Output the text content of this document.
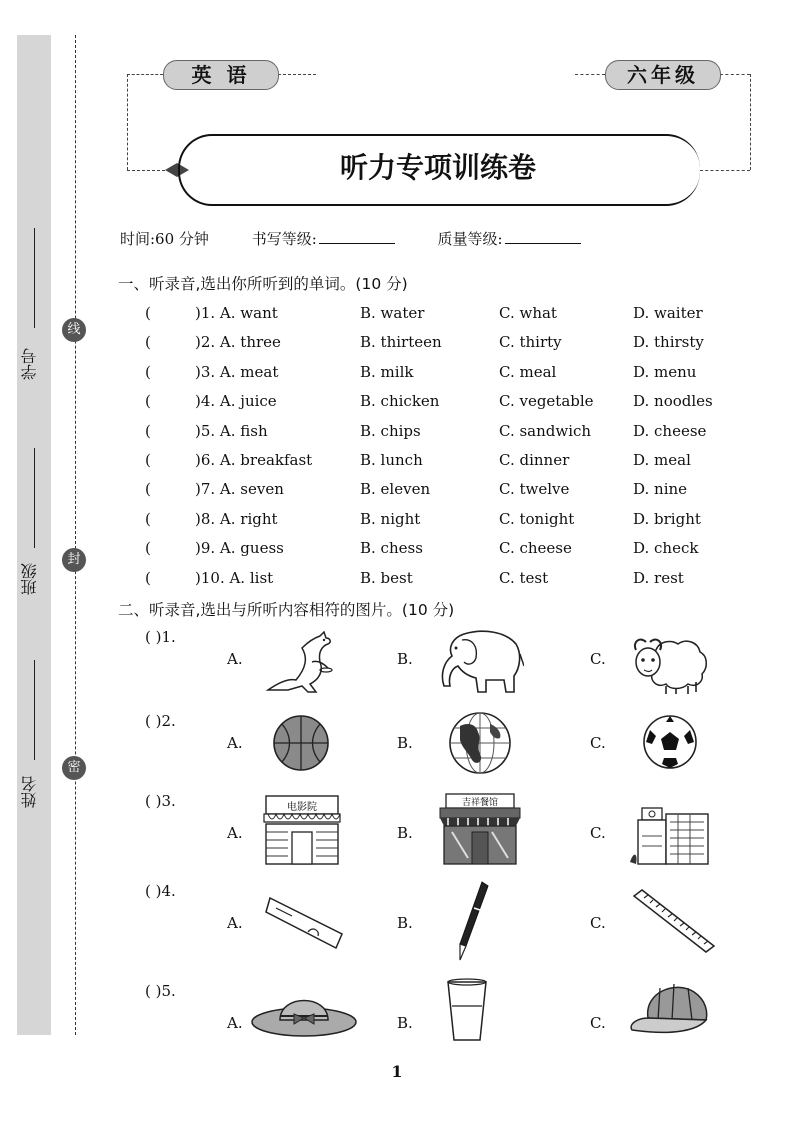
学号
班级
姓名
线
封
密
英 语	六年级
听力专项训练卷
时间:60 分钟	书写等级:	质量等级:
一、听录音,选出你所听到的单词。(10 分)
(	)1. A. want	B. water	C. what	D. waiter
(	)2. A. three	B. thirteen	C. thirty	D. thirsty
(	)3. A. meat	B. milk	C. meal	D. menu
(	)4. A. juice	B. chicken	C. vegetable	D. noodles
(	)5. A. fish	B. chips	C. sandwich	D. cheese
(	)6. A. breakfast	B. lunch	C. dinner	D. meal
(	)7. A. seven	B. eleven	C. twelve	D. nine
(	)8. A. right	B. night	C. tonight	D. bright
(	)9. A. guess	B. chess	C. cheese	D. check
(	)10. A. list	B. best	C. test	D. rest
二、听录音,选出与所听内容相符的图片。(10 分)
( )1.
A.	B.	C.
( )2.
A.	B.	C.
( )3.
A.	B.	C.
电影院	吉祥餐馆
( )4.
A.	B.	C.
( )5.
A.	B.	C.
1
